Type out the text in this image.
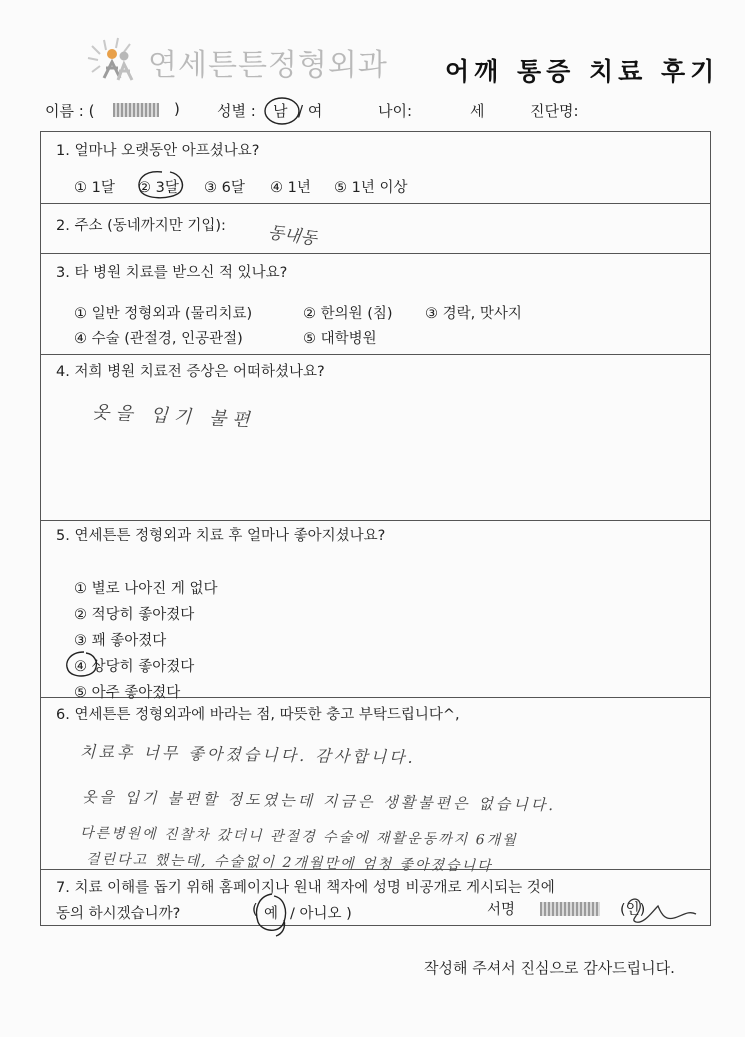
연세튼튼정형외과 어깨 통증 치료 후기
이름 : (	) 성별 : 남 / 여	나이:	세	진단명:
1. 얼마나 오랫동안 아프셨나요?
① 1달 ② 3달 ③ 6달 ④ 1년 ⑤ 1년 이상
2. 주소 (동네까지만 기입): 동내동
3. 타 병원 치료를 받으신 적 있나요?
① 일반 정형외과 (물리치료)	② 한의원 (침) ③ 경락, 맛사지
④ 수술 (관절경, 인공관절)	⑤ 대학병원
4. 저희 병원 치료전 증상은 어떠하셨나요?
옷을 입기 불편
5. 연세튼튼 정형외과 치료 후 얼마나 좋아지셨나요?
① 별로 나아진 게 없다
② 적당히 좋아졌다
③ 꽤 좋아졌다
④ 상당히 좋아졌다
⑤ 아주 좋아졌다
6. 연세튼튼 정형외과에 바라는 점, 따뜻한 충고 부탁드립니다^,
치료후 너무 좋아졌습니다. 감사합니다.
옷을 입기 불편할 정도였는데 지금은 생활불편은 없습니다.
다른병원에 진찰차 갔더니 관절경 수술에 재활운동까지 6개월
걸린다고 했는데, 수술없이 2개월만에 엄청 좋아졌습니다
7. 치료 이해를 돕기 위해 홈페이지나 원내 책자에 성명 비공개로 게시되는 것에
동의 하시겠습니까?	( 예 / 아니오 )	서명	(인)
작성해 주셔서 진심으로 감사드립니다.
